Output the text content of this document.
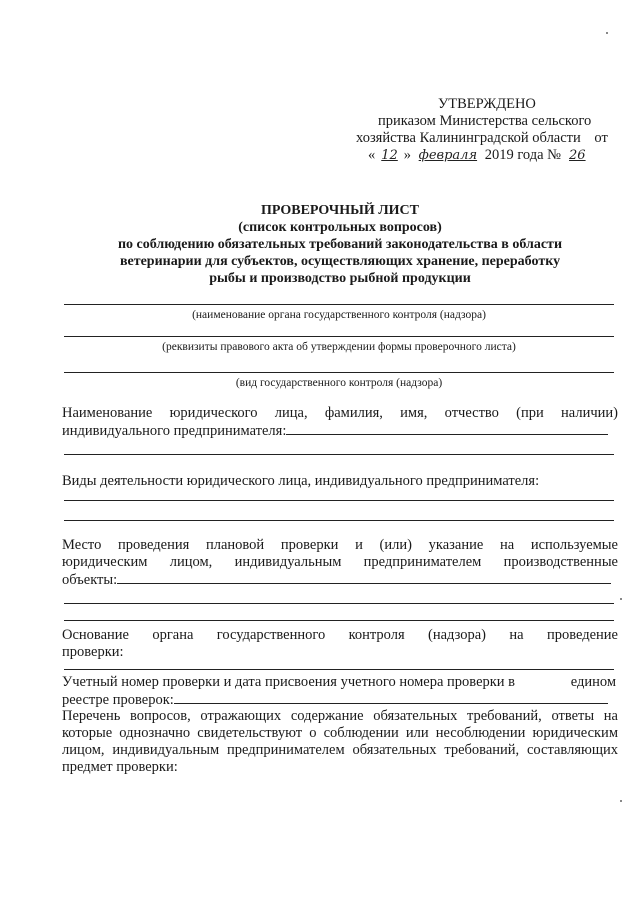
УТВЕРЖДЕНО
приказом Министерства сельского
хозяйства Калининградской области от
« 12 » февраля 2019 года № 26
ПРОВЕРОЧНЫЙ ЛИСТ
(список контрольных вопросов)
по соблюдению обязательных требований законодательства в области
ветеринарии для субъектов, осуществляющих хранение, переработку
рыбы и производство рыбной продукции
(наименование органа государственного контроля (надзора)
(реквизиты правового акта об утверждении формы проверочного листа)
(вид государственного контроля (надзора)
Наименование юридического лица, фамилия, имя, отчество (при наличии)
индивидуального предпринимателя:
Виды деятельности юридического лица, индивидуального предпринимателя:
Место проведения плановой проверки и (или) указание на используемые
юридическим лицом, индивидуальным предпринимателем производственные
объекты:
Основание органа государственного контроля (надзора) на проведение
проверки:
Учетный номер проверки и дата присвоения учетного номера проверки в	едином
реестре проверок:
Перечень вопросов, отражающих содержание обязательных требований, ответы на
которые однозначно свидетельствуют о соблюдении или несоблюдении юридическим
лицом, индивидуальным предпринимателем обязательных требований, составляющих
предмет проверки:
